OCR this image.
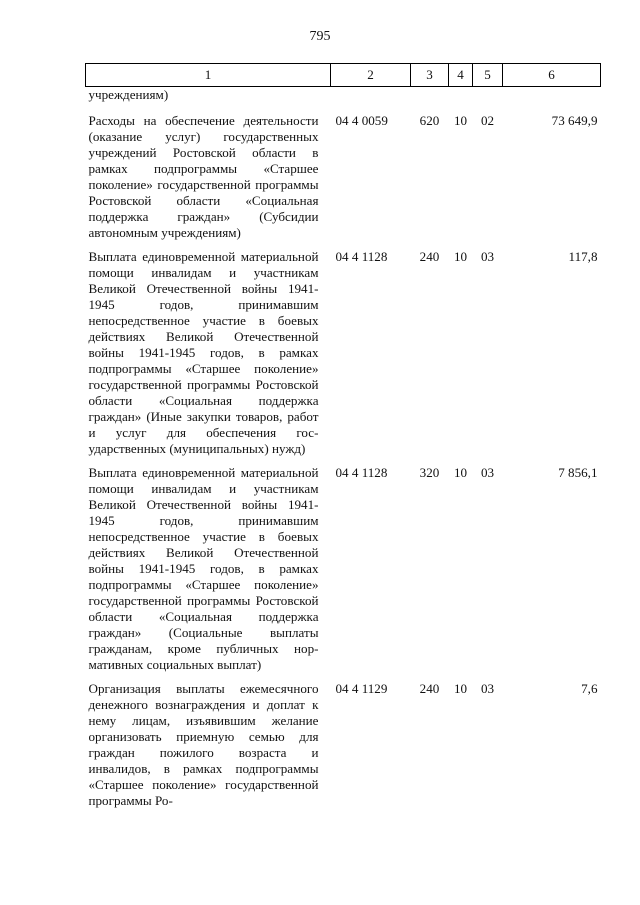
795
1	2	3	4	5	6
учреждениям)					
Расходы на обеспечение деятельности (оказание услуг) государственных учреждений Ростовской области в рамках подпрограммы «Старшее поколение» государственной программы Ростовской области «Социальная поддержка граждан» (Субсидии автономным учреждениям)	04 4 0059	620	10	02	73 649,9
Выплата единовременной материальной помощи инвалидам и участникам Великой Отечественной войны 1941-1945 годов, принимавшим непосредственное участие в боевых действиях Великой Отечественной войны 1941-1945 годов, в рамках подпрограммы «Старшее поколение» государственной программы Ростовской области «Социальная поддержка граждан» (Иные закупки товаров, работ и услуг для обеспечения государственных (муниципальных) нужд)	04 4 1128	240	10	03	117,8
Выплата единовременной материальной помощи инвалидам и участникам Великой Отечественной войны 1941-1945 годов, принимавшим непосредственное участие в боевых действиях Великой Отечественной войны 1941-1945 годов, в рамках подпрограммы «Старшее поколение» государственной программы Ростовской области «Социальная поддержка граждан» (Социальные выплаты гражданам, кроме публичных нормативных социальных выплат)	04 4 1128	320	10	03	7 856,1
Организация выплаты ежемесячного денежного вознаграждения и доплат к нему лицам, изъявившим желание организовать приемную семью для граждан пожилого возраста и инвалидов, в рамках подпрограммы «Старшее поколение» государственной программы Ро-	04 4 1129	240	10	03	7,6
